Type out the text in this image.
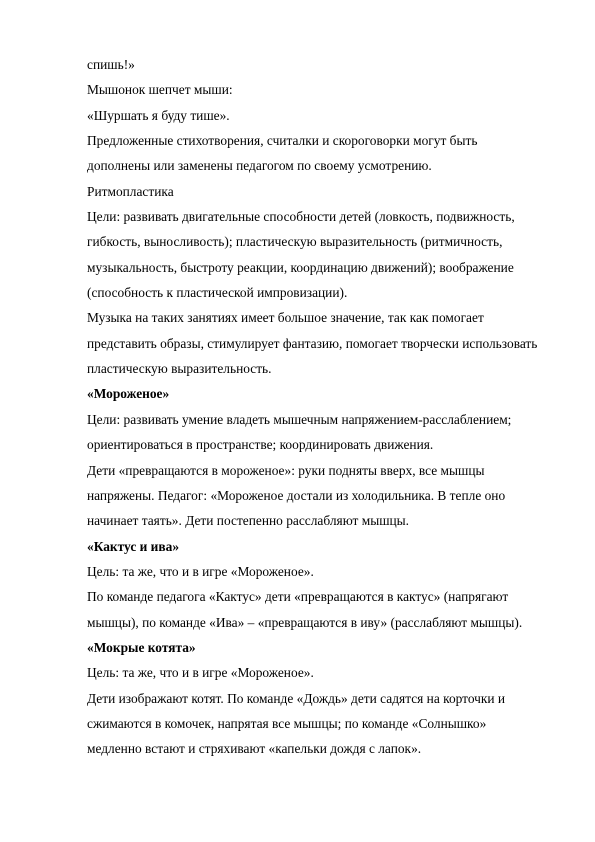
спишь!»
Мышонок шепчет мыши:
«Шуршать я буду тише».
Предложенные стихотворения, считалки и скороговорки могут быть
дополнены или заменены педагогом по своему усмотрению.
Ритмопластика
Цели: развивать двигательные способности детей (ловкость, подвижность,
гибкость, выносливость); пластическую выразительность (ритмичность,
музыкальность, быстроту реакции, координацию движений); воображение
(способность к пластической импровизации).
Музыка на таких занятиях имеет большое значение, так как помогает
представить образы, стимулирует фантазию, помогает творчески использовать
пластическую выразительность.
«Мороженое»
Цели: развивать умение владеть мышечным напряжением-расслаблением;
ориентироваться в пространстве; координировать движения.
Дети «превращаются в мороженое»: руки подняты вверх, все мышцы
напряжены. Педагог: «Мороженое достали из холодильника. В тепле оно
начинает таять». Дети постепенно расслабляют мышцы.
«Кактус и ива»
Цель: та же, что и в игре «Мороженое».
По команде педагога «Кактус» дети «превращаются в кактус» (напрягают
мышцы), по команде «Ива» – «превращаются в иву» (расслабляют мышцы).
«Мокрые котята»
Цель: та же, что и в игре «Мороженое».
Дети изображают котят. По команде «Дождь» дети садятся на корточки и
сжимаются в комочек, напрятая все мышцы; по команде «Солнышко»
медленно встают и стряхивают «капельки дождя с лапок».
